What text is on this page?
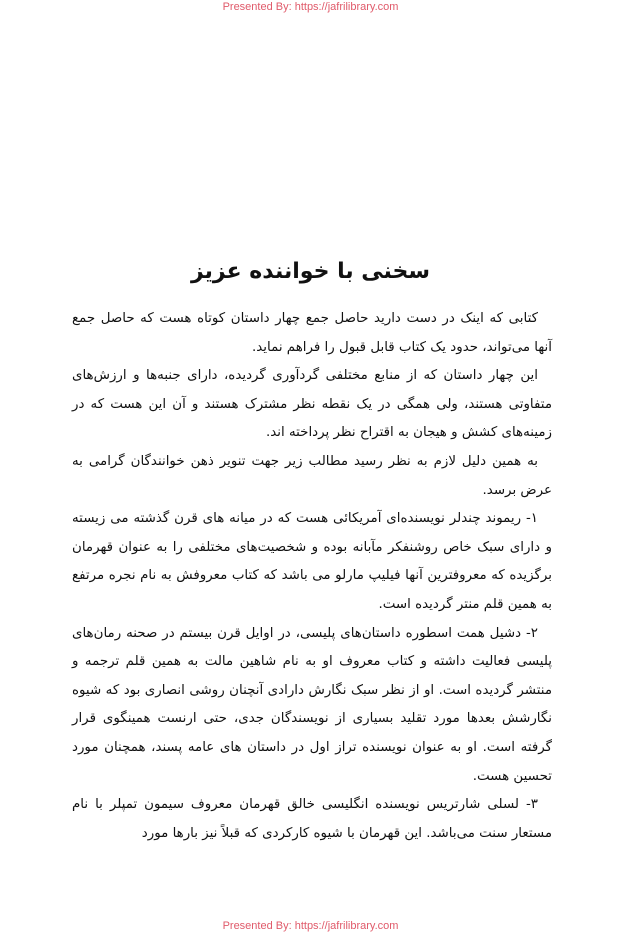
Presented By: https://jafrilibrary.com
سخنی با خواننده عزیز

کتابی که اینک در دست دارید حاصل جمع چهار داستان کوتاه هست که حاصل جمع آنها می‌تواند، حدود یک کتاب قابل قبول را فراهم نماید.

این چهار داستان که از منابع مختلفی گردآوری گردیده، دارای جنبه‌ها و ارزش‌های متفاوتی هستند، ولی همگی در یک نقطه نظر مشترک هستند و آن این هست که در زمینه‌های کشش و هیجان به اقتراح نظر پرداخته اند.

به همین دلیل لازم به نظر رسید مطالب زیر جهت تنویر ذهن خوانندگان گرامی به عرض برسد.

۱- ریموند چندلر نویسنده‌ای آمریکائی هست که در میانه های قرن گذشته می زیسته و دارای سبک خاص روشنفکر مآبانه بوده و شخصیت‌های مختلفی را به عنوان قهرمان برگزیده که معروفترین آنها فیلیپ مارلو می باشد که کتاب معروفش به نام نجره مرتفع به همین قلم منتر گردیده است.

۲- دشیل همت اسطوره داستان‌های پلیسی، در اوایل قرن بیستم در صحنه رمان‌های پلیسی فعالیت داشته و کتاب معروف او به نام شاهین مالت به همین قلم ترجمه و منتشر گردیده است. او از نظر سبک نگارش دارادی آنچنان روشی انصاری بود که شیوه نگارشش بعدها مورد تقلید بسیاری از نویسندگان جدی، حتی ارنست همینگوی قرار گرفته است. او به عنوان نویسنده تراز اول در داستان های عامه پسند، همچنان مورد تحسین هست.

۳- لسلی شارتریس نویسنده انگلیسی خالق قهرمان معروف سیمون تمپلر با نام مستعار سنت می‌باشد. این قهرمان با شیوه کارکردی که قبلاً نیز بارها مورد

Presented By: https://jafrilibrary.com
